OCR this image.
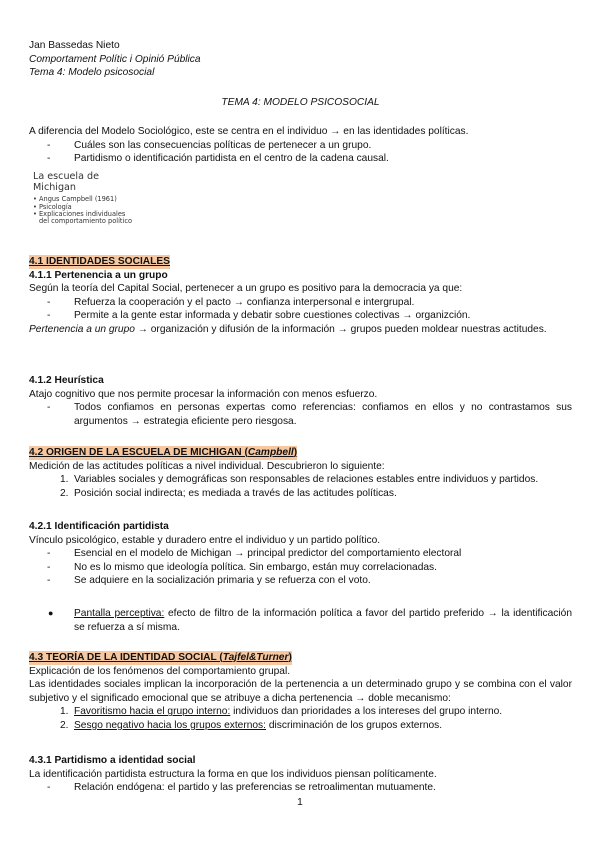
Jan Bassedas Nieto
Comportament Polític i Opinió Pública
Tema 4: Modelo psicosocial
TEMA 4: MODELO PSICOSOCIAL
A diferencia del Modelo Sociológico, este se centra en el individuo → en las identidades políticas.
- Cuáles son las consecuencias políticas de pertenecer a un grupo.
- Partidismo o identificación partidista en el centro de la cadena causal.
La escuela de
Michigan
• Angus Campbell (1961)
• Psicología
• Explicaciones individuales
del comportamiento político
4.1 IDENTIDADES SOCIALES
4.1.1 Pertenencia a un grupo
Según la teoría del Capital Social, pertenecer a un grupo es positivo para la democracia ya que:
- Refuerza la cooperación y el pacto → confianza interpersonal e intergrupal.
- Permite a la gente estar informada y debatir sobre cuestiones colectivas → organizción.
Pertenencia a un grupo → organización y difusión de la información → grupos pueden moldear nuestras actitudes.
4.1.2 Heurística
Atajo cognitivo que nos permite procesar la información con menos esfuerzo.
- Todos confiamos en personas expertas como referencias: confiamos en ellos y no contrastamos sus argumentos → estrategia eficiente pero riesgosa.
4.2 ORIGEN DE LA ESCUELA DE MICHIGAN (Campbell)
Medición de las actitudes políticas a nivel individual. Descubrieron lo siguiente:
1. Variables sociales y demográficas son responsables de relaciones estables entre individuos y partidos.
2. Posición social indirecta; es mediada a través de las actitudes políticas.
4.2.1 Identificación partidista
Vínculo psicológico, estable y duradero entre el individuo y un partido político.
- Esencial en el modelo de Michigan → principal predictor del comportamiento electoral
- No es lo mismo que ideología política. Sin embargo, están muy correlacionadas.
- Se adquiere en la socialización primaria y se refuerza con el voto.
● Pantalla perceptiva: efecto de filtro de la información política a favor del partido preferido → la identificación se refuerza a sí misma.
4.3 TEORÍA DE LA IDENTIDAD SOCIAL (Tajfel&Turner)
Explicación de los fenómenos del comportamiento grupal.
Las identidades sociales implican la incorporación de la pertenencia a un determinado grupo y se combina con el valor subjetivo y el significado emocional que se atribuye a dicha pertenencia → doble mecanismo:
1. Favoritismo hacia el grupo interno: individuos dan prioridades a los intereses del grupo interno.
2. Sesgo negativo hacia los grupos externos: discriminación de los grupos externos.
4.3.1 Partidismo a identidad social
La identificación partidista estructura la forma en que los individuos piensan políticamente.
- Relación endógena: el partido y las preferencias se retroalimentan mutuamente.
1
